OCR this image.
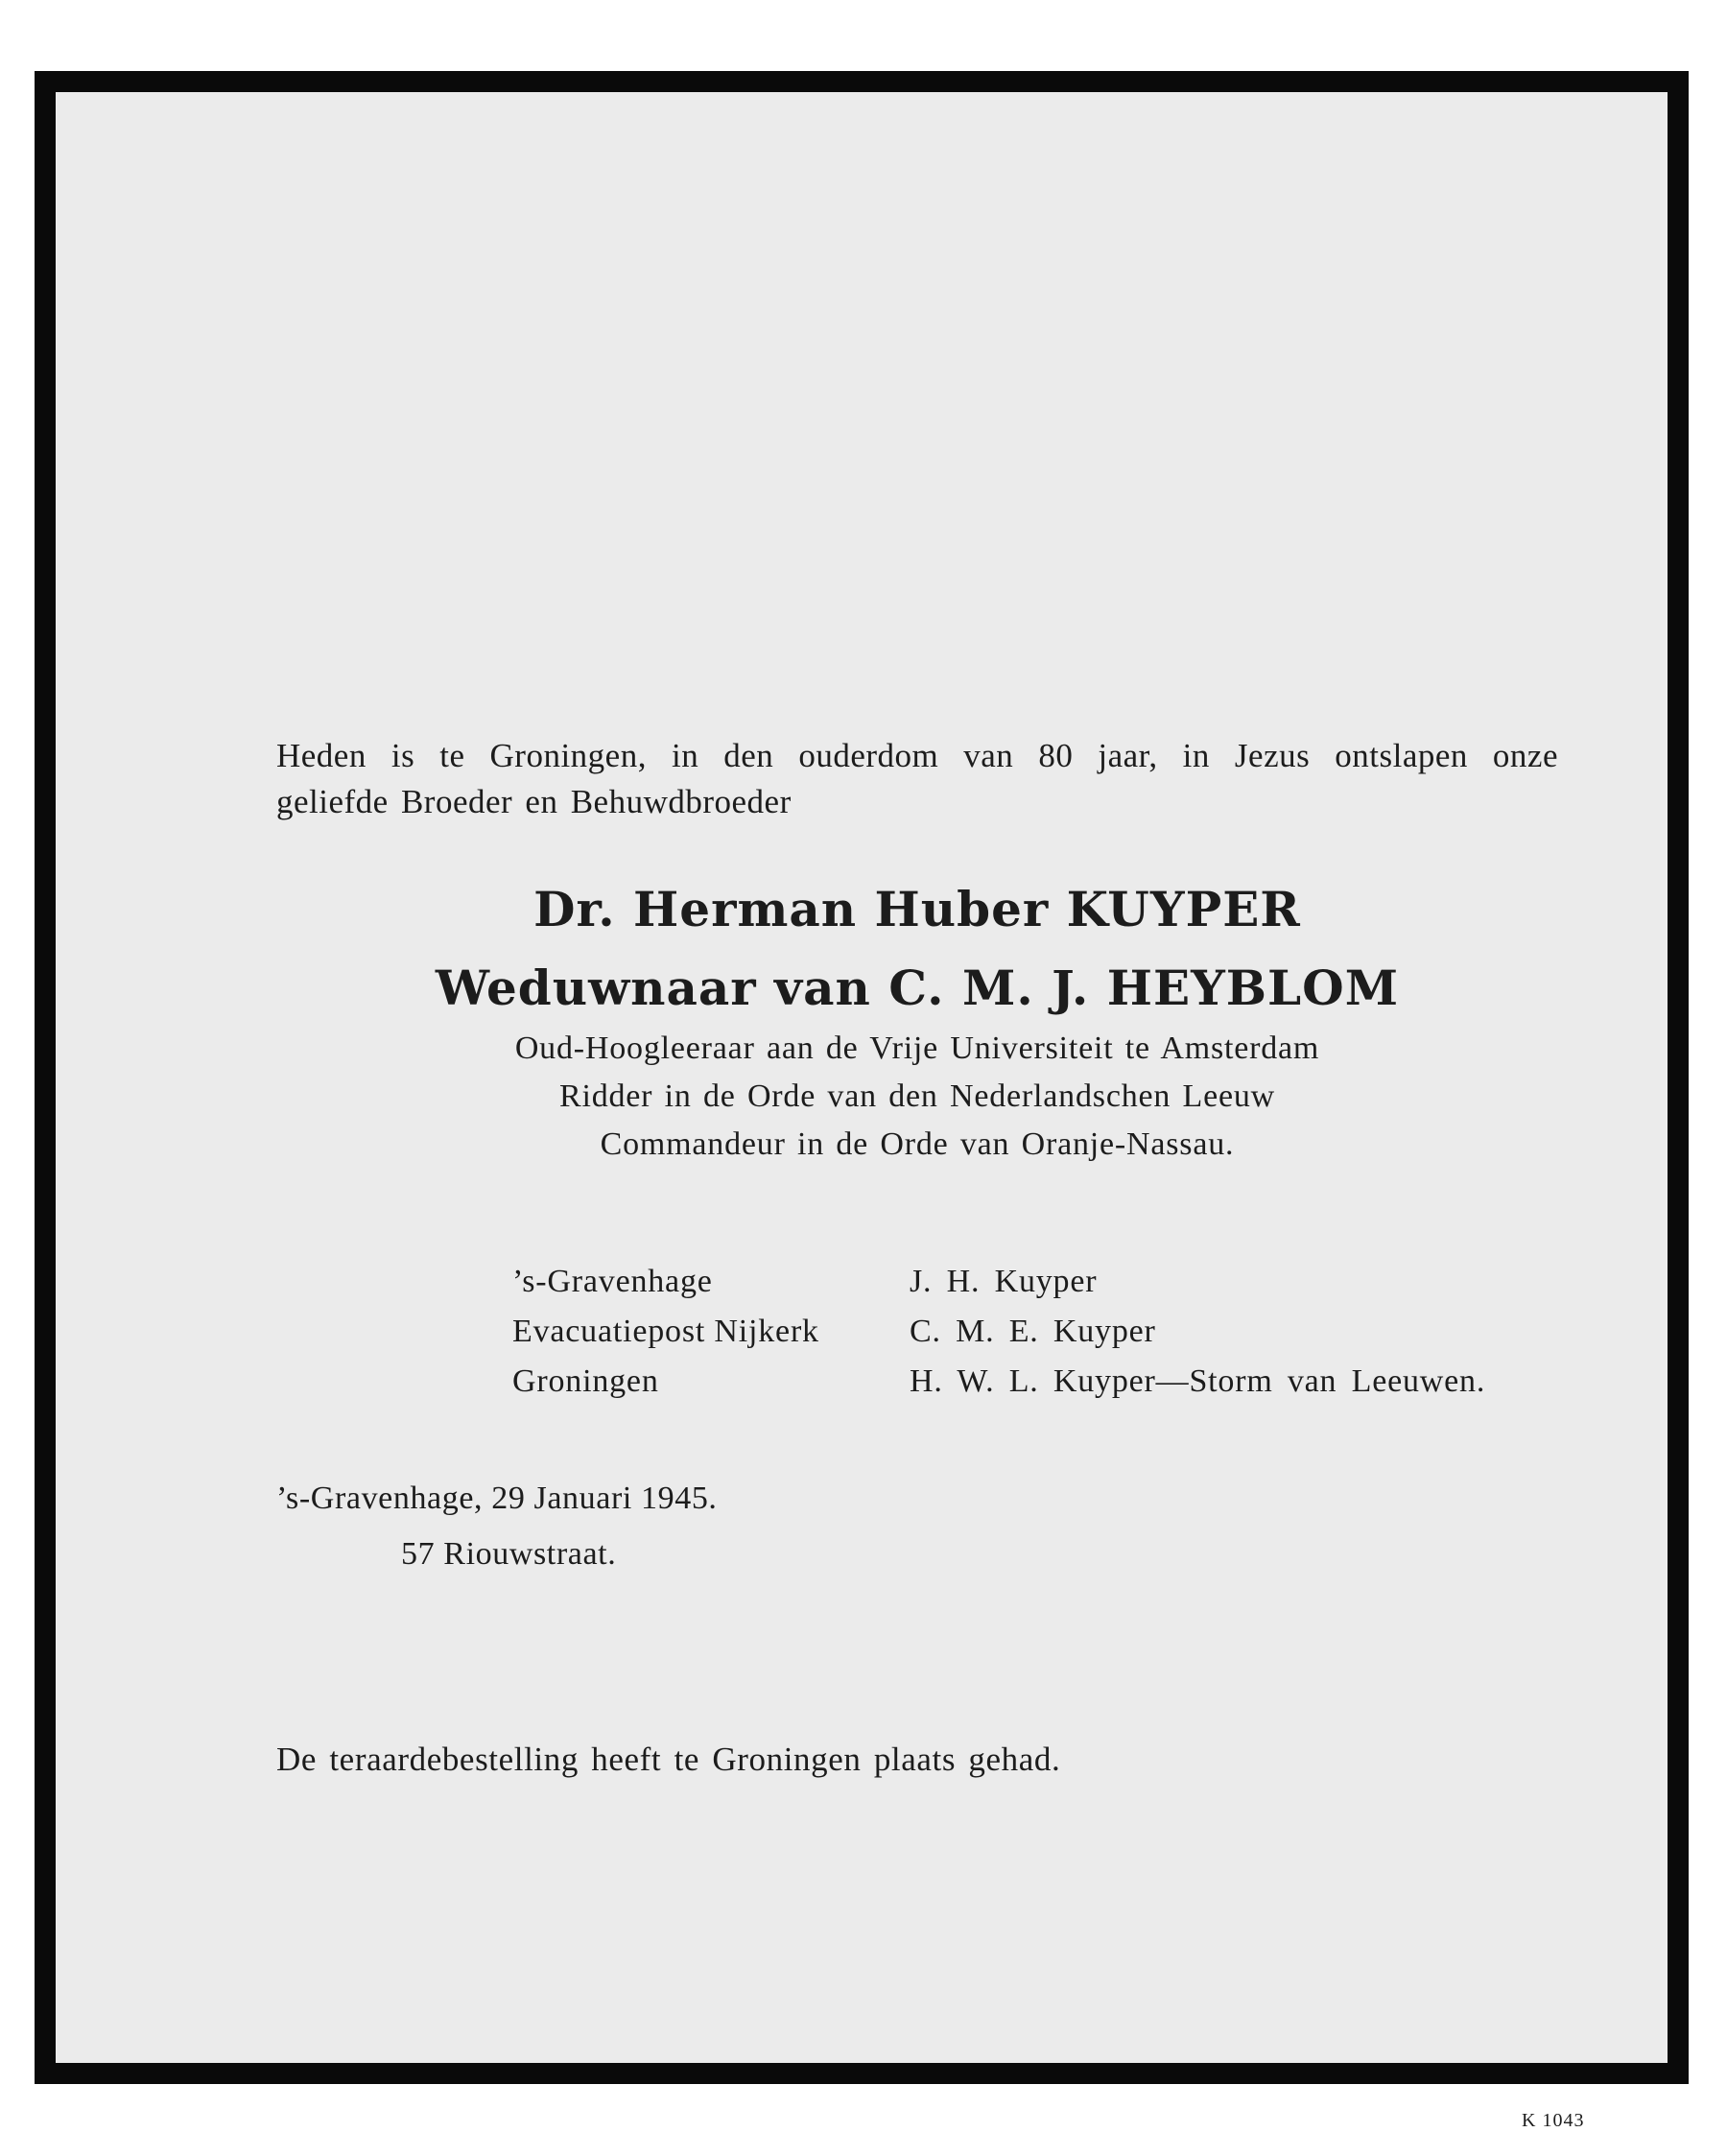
Heden is te Groningen, in den ouderdom van 80 jaar, in Jezus ontslapen onze
geliefde Broeder en Behuwdbroeder
Dr. Herman Huber KUYPER
Weduwnaar van C. M. J. HEYBLOM
Oud-Hoogleeraar aan de Vrije Universiteit te Amsterdam
Ridder in de Orde van den Nederlandschen Leeuw
Commandeur in de Orde van Oranje-Nassau.
’s-Gravenhage	J. H. Kuyper
Evacuatiepost Nijkerk	C. M. E. Kuyper
Groningen	H. W. L. Kuyper—Storm van Leeuwen.
’s-Gravenhage, 29 Januari 1945.
57 Riouwstraat.
De teraardebestelling heeft te Groningen plaats gehad.
K 1043
